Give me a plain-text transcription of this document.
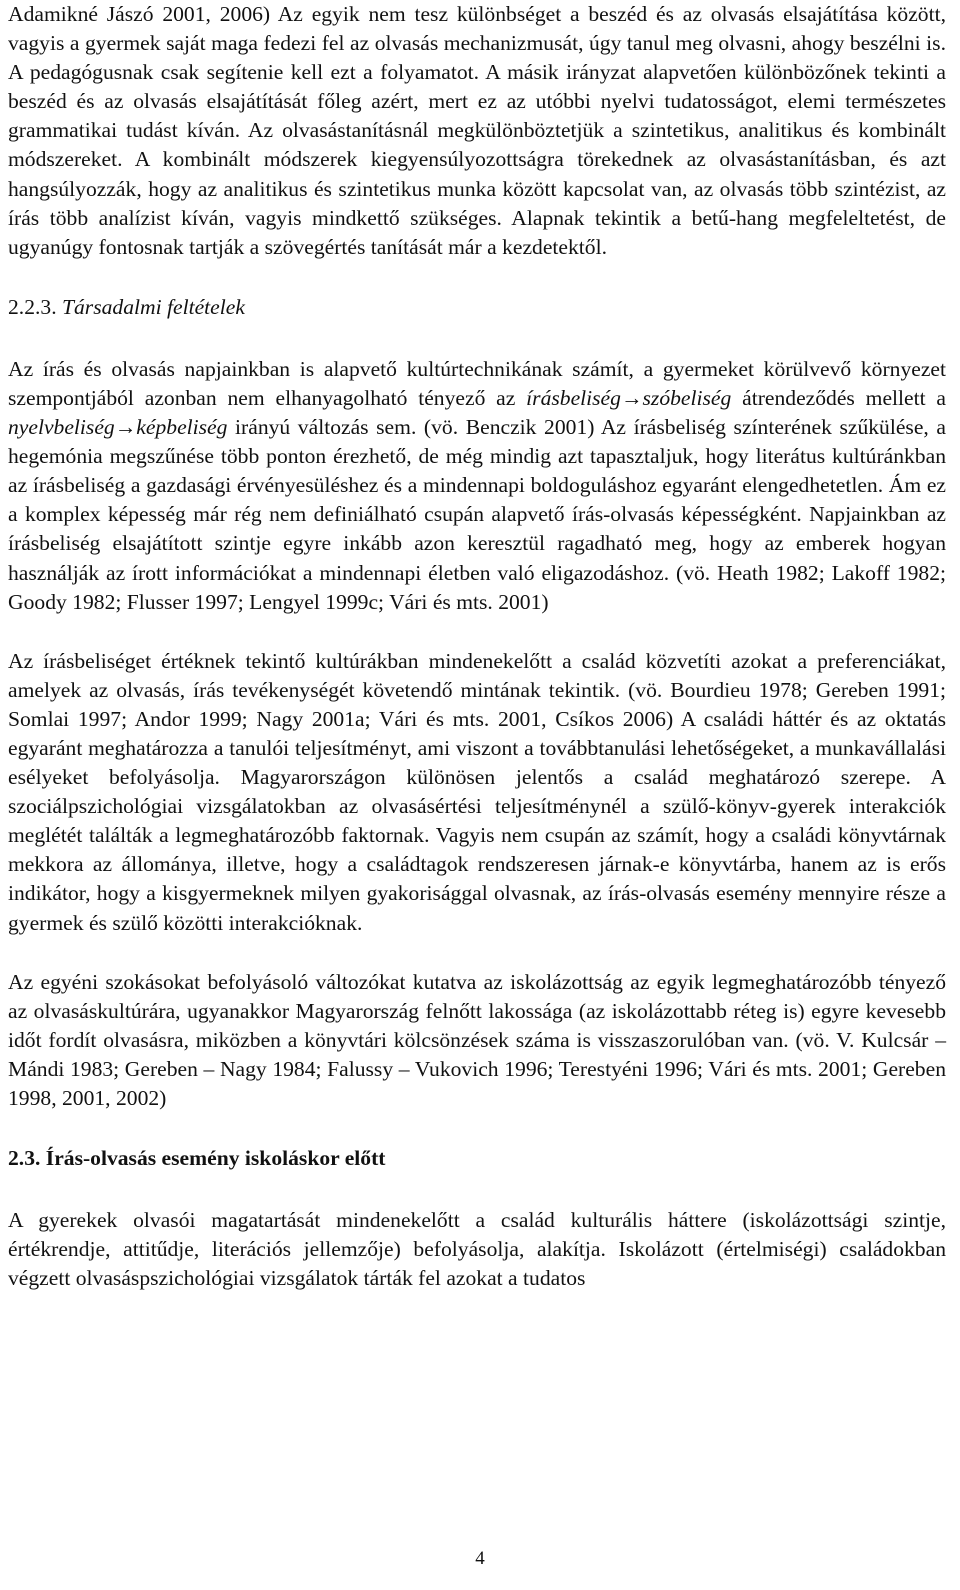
Adamikné Jászó 2001, 2006) Az egyik nem tesz különbséget a beszéd és az olvasás elsajátítása között, vagyis a gyermek saját maga fedezi fel az olvasás mechanizmusát, úgy tanul meg olvasni, ahogy beszélni is. A pedagógusnak csak segítenie kell ezt a folyamatot. A másik irányzat alapvetően különbözőnek tekinti a beszéd és az olvasás elsajátítását főleg azért, mert ez az utóbbi nyelvi tudatosságot, elemi természetes grammatikai tudást kíván. Az olvasástanításnál megkülönböztetjük a szintetikus, analitikus és kombinált módszereket. A kombinált módszerek kiegyensúlyozottságra törekednek az olvasástanításban, és azt hangsúlyozzák, hogy az analitikus és szintetikus munka között kapcsolat van, az olvasás több szintézist, az írás több analízist kíván, vagyis mindkettő szükséges. Alapnak tekintik a betű-hang megfeleltetést, de ugyanúgy fontosnak tartják a szövegértés tanítását már a kezdetektől.

2.2.3. Társadalmi feltételek

Az írás és olvasás napjainkban is alapvető kultúrtechnikának számít, a gyermeket körülvevő környezet szempontjából azonban nem elhanyagolható tényező az írásbeliség→szóbeliség átrendeződés mellett a nyelvbeliség→képbeliség irányú változás sem. (vö. Benczik 2001) Az írásbeliség színterének szűkülése, a hegemónia megszűnése több ponton érezhető, de még mindig azt tapasztaljuk, hogy literátus kultúránkban az írásbeliség a gazdasági érvényesüléshez és a mindennapi boldoguláshoz egyaránt elengedhetetlen. Ám ez a komplex képesség már rég nem definiálható csupán alapvető írás-olvasás képességként. Napjainkban az írásbeliség elsajátított szintje egyre inkább azon keresztül ragadható meg, hogy az emberek hogyan használják az írott információkat a mindennapi életben való eligazodáshoz. (vö. Heath 1982; Lakoff 1982; Goody 1982; Flusser 1997; Lengyel 1999c; Vári és mts. 2001)

Az írásbeliséget értéknek tekintő kultúrákban mindenekelőtt a család közvetíti azokat a preferenciákat, amelyek az olvasás, írás tevékenységét követendő mintának tekintik. (vö. Bourdieu 1978; Gereben 1991; Somlai 1997; Andor 1999; Nagy 2001a; Vári és mts. 2001, Csíkos 2006) A családi háttér és az oktatás egyaránt meghatározza a tanulói teljesítményt, ami viszont a továbbtanulási lehetőségeket, a munkavállalási esélyeket befolyásolja. Magyarországon különösen jelentős a család meghatározó szerepe. A szociálpszichológiai vizsgálatokban az olvasásértési teljesítménynél a szülő-könyv-gyerek interakciók meglétét találták a legmeghatározóbb faktornak. Vagyis nem csupán az számít, hogy a családi könyvtárnak mekkora az állománya, illetve, hogy a családtagok rendszeresen járnak-e könyvtárba, hanem az is erős indikátor, hogy a kisgyermeknek milyen gyakorisággal olvasnak, az írás-olvasás esemény mennyire része a gyermek és szülő közötti interakcióknak.

Az egyéni szokásokat befolyásoló változókat kutatva az iskolázottság az egyik legmeghatározóbb tényező az olvasáskultúrára, ugyanakkor Magyarország felnőtt lakossága (az iskolázottabb réteg is) egyre kevesebb időt fordít olvasásra, miközben a könyvtári kölcsönzések száma is visszaszorulóban van. (vö. V. Kulcsár – Mándi 1983; Gereben – Nagy 1984; Falussy – Vukovich 1996; Terestyéni 1996; Vári és mts. 2001; Gereben 1998, 2001, 2002)

2.3. Írás-olvasás esemény iskoláskor előtt

A gyerekek olvasói magatartását mindenekelőtt a család kulturális háttere (iskolázottsági szintje, értékrendje, attitűdje, literációs jellemzője) befolyásolja, alakítja. Iskolázott (értelmiségi) családokban végzett olvasáspszichológiai vizsgálatok tárták fel azokat a tudatos

4
